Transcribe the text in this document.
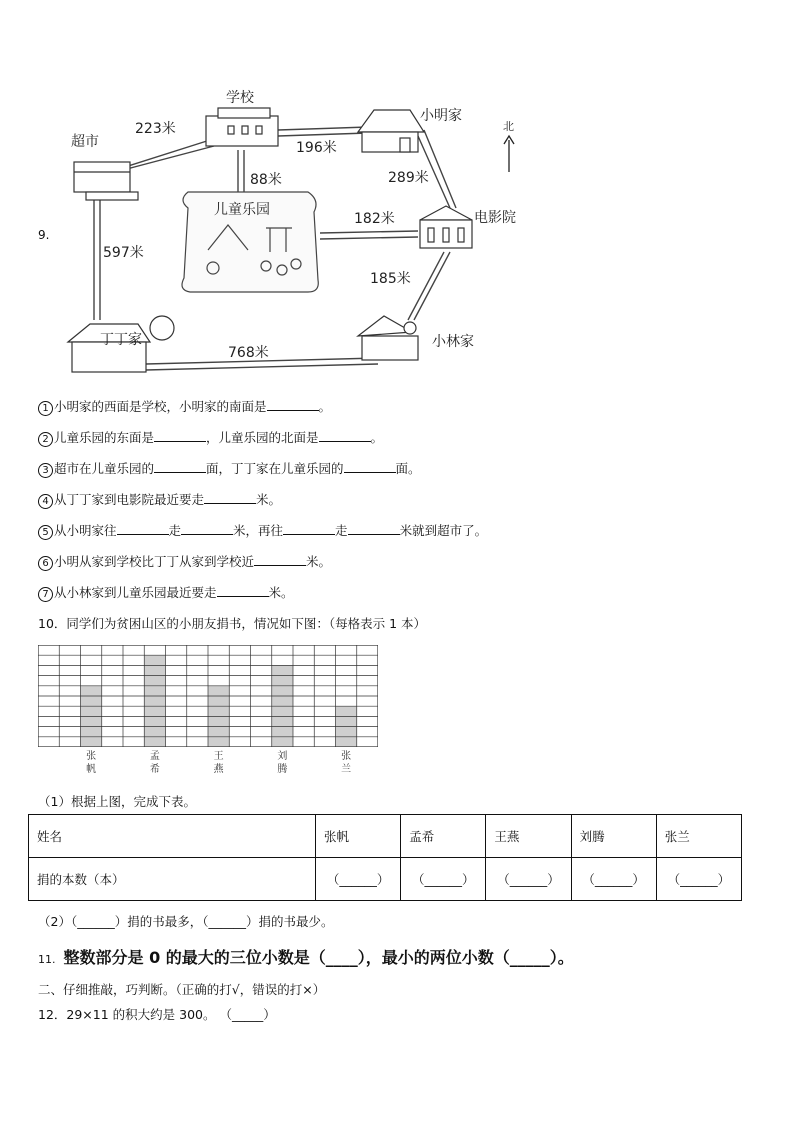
超市
学校
小明家
儿童乐园	电影院
丁丁家	小林家
北
223米
196米
88米	289米
182米
597米
185米
768米
9.
1 小明家的西面是学校，小明家的南面是	。
2 儿童乐园的东面是	，儿童乐园的北面是	。
3 超市在儿童乐园的	面，丁丁家在儿童乐园的	面。
4 从丁丁家到电影院最近要走	米。
5 从小明家往	走	米，再往	走	米就到超市了。
6 小明从家到学校比丁丁从家到学校近	米。
7 从小林家到儿童乐园最近要走	米。
10．同学们为贫困山区的小朋友捐书，情况如下图：（每格表示 1 本）
张
帆
孟
希
王
燕
刘
腾
张
兰
（1）根据上图，完成下表。
姓名	张帆	孟希	王燕	刘腾	张兰
捐的本数（本）	（______）	（______）	（______）	（______）	（______）
（2）（______）捐的书最多，（______）捐的书最少。
11. 整数部分是 0 的最大的三位小数是（____），最小的两位小数（_____）。
二、仔细推敲，巧判断。（正确的打√，错误的打×）
12．29×11 的积大约是 300。 （_____）
